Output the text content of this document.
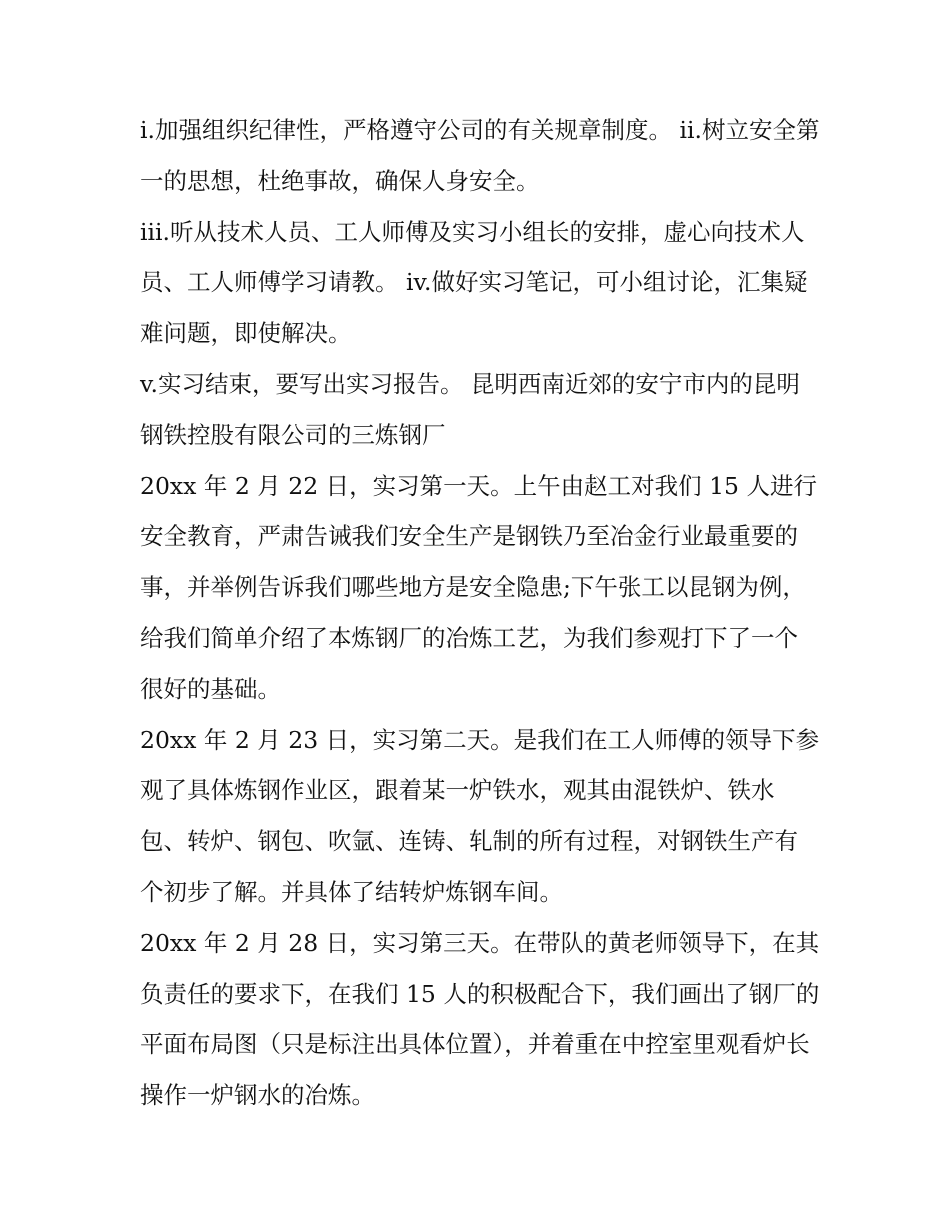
i.加强组织纪律性，严格遵守公司的有关规章制度。 ii.树立安全第一的思想，杜绝事故，确保人身安全。

iii.听从技术人员、工人师傅及实习小组长的安排，虚心向技术人员、工人师傅学习请教。 iv.做好实习笔记，可小组讨论，汇集疑难问题，即使解决。

v.实习结束，要写出实习报告。 昆明西南近郊的安宁市内的昆明钢铁控股有限公司的三炼钢厂

20xx 年 2 月 22 日，实习第一天。上午由赵工对我们 15 人进行安全教育，严肃告诫我们安全生产是钢铁乃至冶金行业最重要的事，并举例告诉我们哪些地方是安全隐患;下午张工以昆钢为例，给我们简单介绍了本炼钢厂的冶炼工艺，为我们参观打下了一个很好的基础。

20xx 年 2 月 23 日，实习第二天。是我们在工人师傅的领导下参观了具体炼钢作业区，跟着某一炉铁水，观其由混铁炉、铁水包、转炉、钢包、吹氩、连铸、轧制的所有过程，对钢铁生产有个初步了解。并具体了结转炉炼钢车间。

20xx 年 2 月 28 日，实习第三天。在带队的黄老师领导下，在其负责任的要求下，在我们 15 人的积极配合下，我们画出了钢厂的平面布局图（只是标注出具体位置），并着重在中控室里观看炉长操作一炉钢水的冶炼。
